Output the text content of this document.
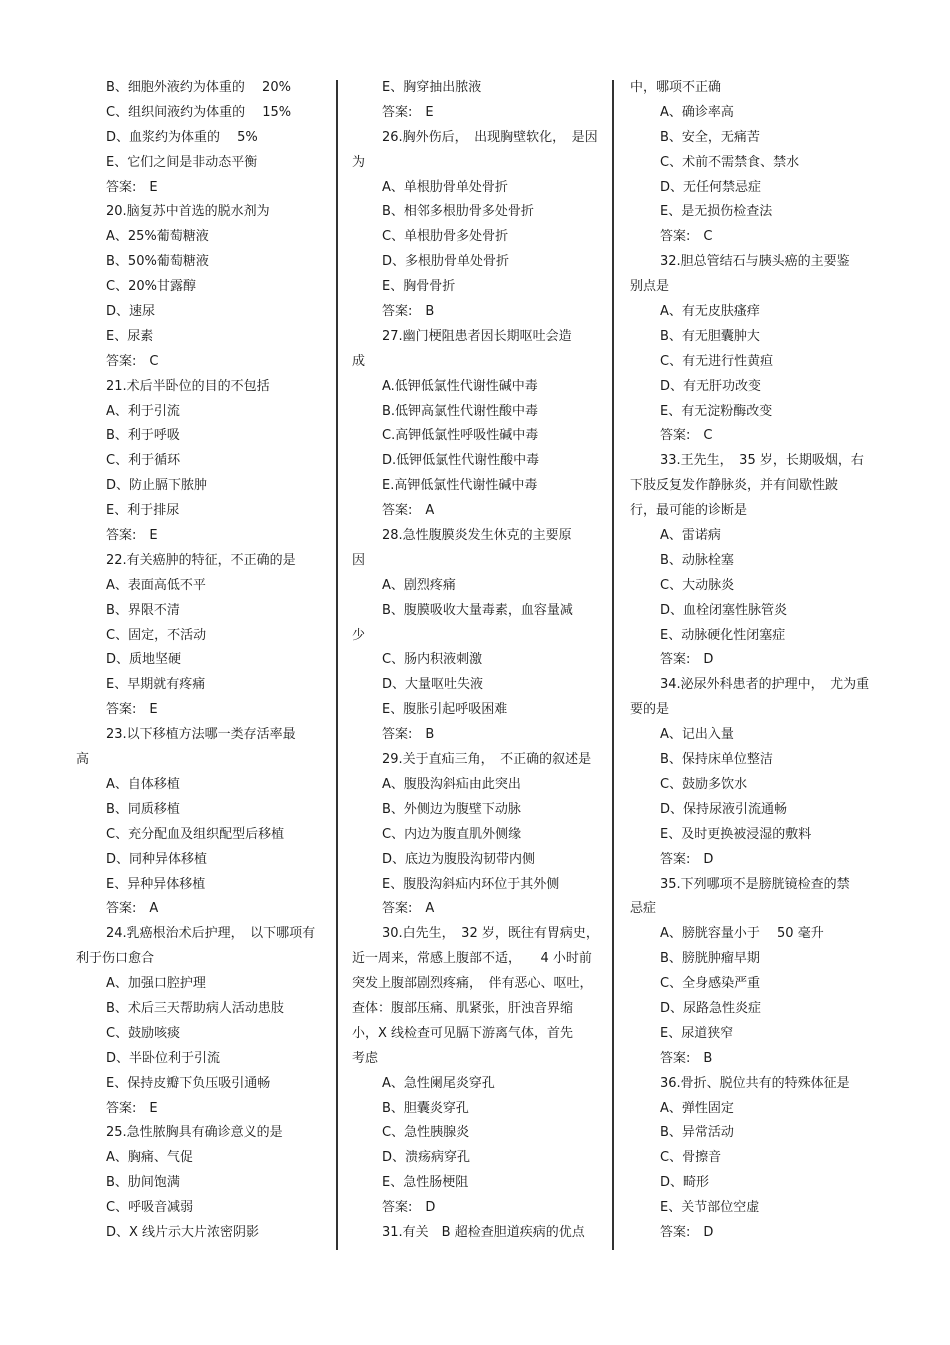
B、细胞外液约为体重的　 20%
C、组织间液约为体重的　 15%
D、血浆约为体重的　 5%
E、它们之间是非动态平衡
答案:　E
20.脑复苏中首选的脱水剂为
A、25%葡萄糖液
B、50%葡萄糖液
C、20%甘露醇
D、速尿
E、尿素
答案:　C
21.术后半卧位的目的不包括
A、利于引流
B、利于呼吸
C、利于循环
D、防止膈下脓肿
E、利于排尿
答案:　E
22.有关癌肿的特征，不正确的是
A、表面高低不平
B、界限不清
C、固定，不活动
D、质地坚硬
E、早期就有疼痛
答案:　E
23.以下移植方法哪一类存活率最
高
A、自体移植
B、同质移植
C、充分配血及组织配型后移植
D、同种异体移植
E、异种异体移植
答案:　A
24.乳癌根治术后护理，　以下哪项有
利于伤口愈合
A、加强口腔护理
B、术后三天帮助病人活动患肢
C、鼓励咳痰
D、半卧位利于引流
E、保持皮瓣下负压吸引通畅
答案:　E
25.急性脓胸具有确诊意义的是
A、胸痛、气促
B、肋间饱满
C、呼吸音减弱
D、X 线片示大片浓密阴影
E、胸穿抽出脓液
答案:　E
26.胸外伤后，　出现胸壁软化，　是因
为
A、单根肋骨单处骨折
B、相邻多根肋骨多处骨折
C、单根肋骨多处骨折
D、多根肋骨单处骨折
E、胸骨骨折
答案:　B
27.幽门梗阻患者因长期呕吐会造
成
A.低钾低氯性代谢性碱中毒
B.低钾高氯性代谢性酸中毒
C.高钾低氯性呼吸性碱中毒
D.低钾低氯性代谢性酸中毒
E.高钾低氯性代谢性碱中毒
答案:　A
28.急性腹膜炎发生休克的主要原
因
A、剧烈疼痛
B、腹膜吸收大量毒素，血容量减
少
C、肠内积液刺激
D、大量呕吐失液
E、腹胀引起呼吸困难
答案:　B
29.关于直疝三角，　不正确的叙述是
A、腹股沟斜疝由此突出
B、外侧边为腹壁下动脉
C、内边为腹直肌外侧缘
D、底边为腹股沟韧带内侧
E、腹股沟斜疝内环位于其外侧
答案:　A
30.白先生，　32 岁，既往有胃病史，
近一周来，常感上腹部不适，　　4 小时前
突发上腹部剧烈疼痛，　伴有恶心、呕吐，
查体：腹部压痛、肌紧张，肝浊音界缩
小，X 线检查可见膈下游离气体，首先
考虑
A、急性阑尾炎穿孔
B、胆囊炎穿孔
C、急性胰腺炎
D、溃疡病穿孔
E、急性肠梗阻
答案:　D
31.有关　B 超检查胆道疾病的优点
中，哪项不正确
A、确诊率高
B、安全，无痛苦
C、术前不需禁食、禁水
D、无任何禁忌症
E、是无损伤检查法
答案:　C
32.胆总管结石与胰头癌的主要鉴
别点是
A、有无皮肤瘙痒
B、有无胆囊肿大
C、有无进行性黄疸
D、有无肝功改变
E、有无淀粉酶改变
答案:　C
33.王先生，　35 岁，长期吸烟，右
下肢反复发作静脉炎，并有间歇性跛
行，最可能的诊断是
A、雷诺病
B、动脉栓塞
C、大动脉炎
D、血栓闭塞性脉管炎
E、动脉硬化性闭塞症
答案:　D
34.泌尿外科患者的护理中，　尤为重
要的是
A、记出入量
B、保持床单位整洁
C、鼓励多饮水
D、保持尿液引流通畅
E、及时更换被浸湿的敷料
答案:　D
35.下列哪项不是膀胱镜检查的禁
忌症
A、膀胱容量小于　 50 毫升
B、膀胱肿瘤早期
C、全身感染严重
D、尿路急性炎症
E、尿道狭窄
答案:　B
36.骨折、脱位共有的特殊体征是
A、弹性固定
B、异常活动
C、骨擦音
D、畸形
E、关节部位空虚
答案:　D
